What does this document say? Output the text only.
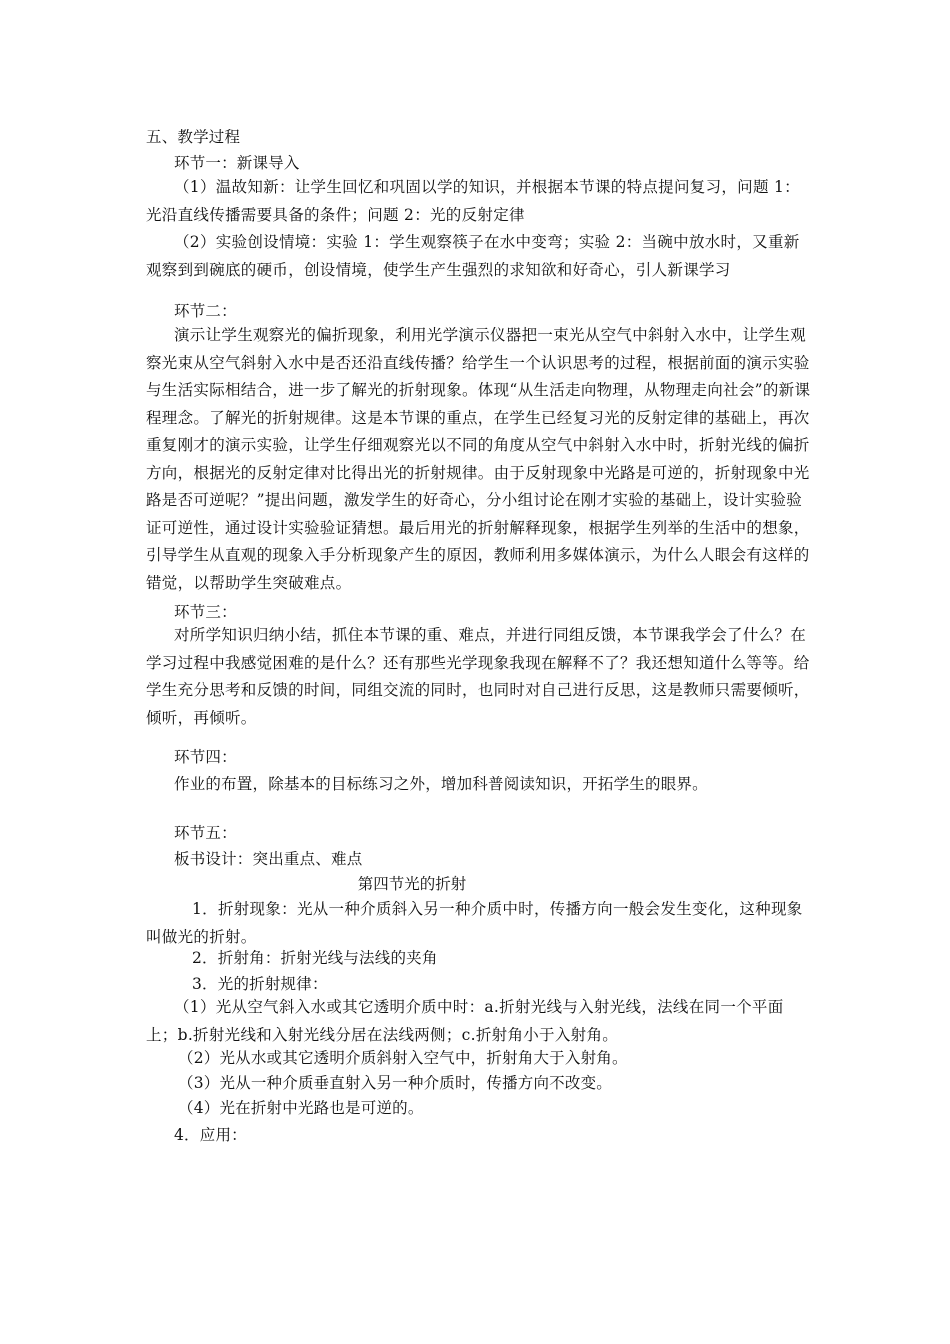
五、教学过程
环节一：新课导入
（1）温故知新：让学生回忆和巩固以学的知识，并根据本节课的特点提问复习，问题 1：光沿直线传播需要具备的条件；问题 2：光的反射定律
（2）实验创设情境：实验 1：学生观察筷子在水中变弯；实验 2：当碗中放水时，又重新观察到到碗底的硬币，创设情境，使学生产生强烈的求知欲和好奇心，引人新课学习
环节二：
演示让学生观察光的偏折现象，利用光学演示仪器把一束光从空气中斜射入水中，让学生观察光束从空气斜射入水中是否还沿直线传播？给学生一个认识思考的过程，根据前面的演示实验与生活实际相结合，进一步了解光的折射现象。体现“从生活走向物理，从物理走向社会”的新课程理念。了解光的折射规律。这是本节课的重点，在学生已经复习光的反射定律的基础上，再次重复刚才的演示实验，让学生仔细观察光以不同的角度从空气中斜射入水中时，折射光线的偏折方向，根据光的反射定律对比得出光的折射规律。由于反射现象中光路是可逆的，折射现象中光路是否可逆呢？”提出问题，激发学生的好奇心，分小组讨论在刚才实验的基础上，设计实验验证可逆性，通过设计实验验证猜想。最后用光的折射解释现象，根据学生列举的生活中的想象，引导学生从直观的现象入手分析现象产生的原因，教师利用多媒体演示，为什么人眼会有这样的错觉，以帮助学生突破难点。
环节三：
对所学知识归纳小结，抓住本节课的重、难点，并进行同组反馈，本节课我学会了什么？在学习过程中我感觉困难的是什么？还有那些光学现象我现在解释不了？我还想知道什么等等。给学生充分思考和反馈的时间，同组交流的同时，也同时对自己进行反思，这是教师只需要倾听，倾听，再倾听。
环节四：
作业的布置，除基本的目标练习之外，增加科普阅读知识，开拓学生的眼界。
环节五：
板书设计：突出重点、难点
第四节光的折射
1．折射现象：光从一种介质斜入另一种介质中时，传播方向一般会发生变化，这种现象叫做光的折射。
2．折射角：折射光线与法线的夹角
3．光的折射规律：
（1）光从空气斜入水或其它透明介质中时：a.折射光线与入射光线，法线在同一个平面上；b.折射光线和入射光线分居在法线两侧；c.折射角小于入射角。
（2）光从水或其它透明介质斜射入空气中，折射角大于入射角。
（3）光从一种介质垂直射入另一种介质时，传播方向不改变。
（4）光在折射中光路也是可逆的。
4．应用：
